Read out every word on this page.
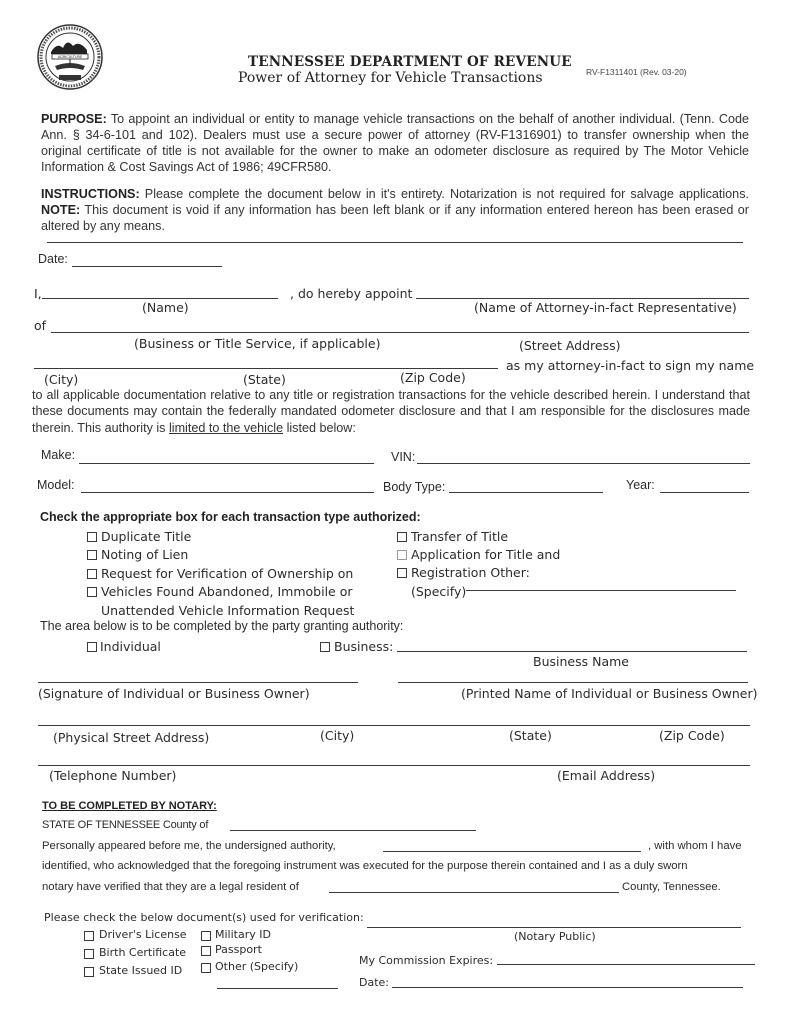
AGRICULTURE	TENNESSEE DEPARTMENT OF REVENUE
Power of Attorney for Vehicle Transactions	RV-F1311401 (Rev. 03-20)
PURPOSE: To appoint an individual or entity to manage vehicle transactions on the behalf of another individual. (Tenn. Code Ann. § 34-6-101 and 102). Dealers must use a secure power of attorney (RV-F1316901) to transfer ownership when the original certificate of title is not available for the owner to make an odometer disclosure as required by The Motor Vehicle Information & Cost Savings Act of 1986; 49CFR580.
INSTRUCTIONS: Please complete the document below in it's entirety. Notarization is not required for salvage applications. NOTE: This document is void if any information has been left blank or if any information entered hereon has been erased or altered by any means.
Date:
I,	, do hereby appoint
(Name)	(Name of Attorney-in-fact Representative)
of
(Business or Title Service, if applicable)	(Street Address)
as my attorney-in-fact to sign my name
(City)	(State)	(Zip Code)
to all applicable documentation relative to any title or registration transactions for the vehicle described herein. I understand that these documents may contain the federally mandated odometer disclosure and that I am responsible for the disclosures made therein. This authority is limited to the vehicle listed below:
Make:	VIN:
Model:	Body Type:	Year:
Check the appropriate box for each transaction type authorized:
Duplicate Title
Noting of Lien
Request for Verification of Ownership on
Vehicles Found Abandoned, Immobile or
Unattended Vehicle Information Request
Transfer of Title
Application for Title and
Registration Other:
(Specify)
The area below is to be completed by the party granting authority:
Individual	Business:
Business Name
(Signature of Individual or Business Owner)	(Printed Name of Individual or Business Owner)
(Physical Street Address)	(City)	(State)	(Zip Code)
(Telephone Number)	(Email Address)
TO BE COMPLETED BY NOTARY:
STATE OF TENNESSEE County of
Personally appeared before me, the undersigned authority,	, with whom I have
identified, who acknowledged that the foregoing instrument was executed for the purpose therein contained and I as a duly sworn
notary have verified that they are a legal resident of	County, Tennessee.
Please check the below document(s) used for verification:
(Notary Public)
Driver's License
Birth Certificate
State Issued ID
Military ID
Passport
Other (Specify)	My Commission Expires:
Date:
